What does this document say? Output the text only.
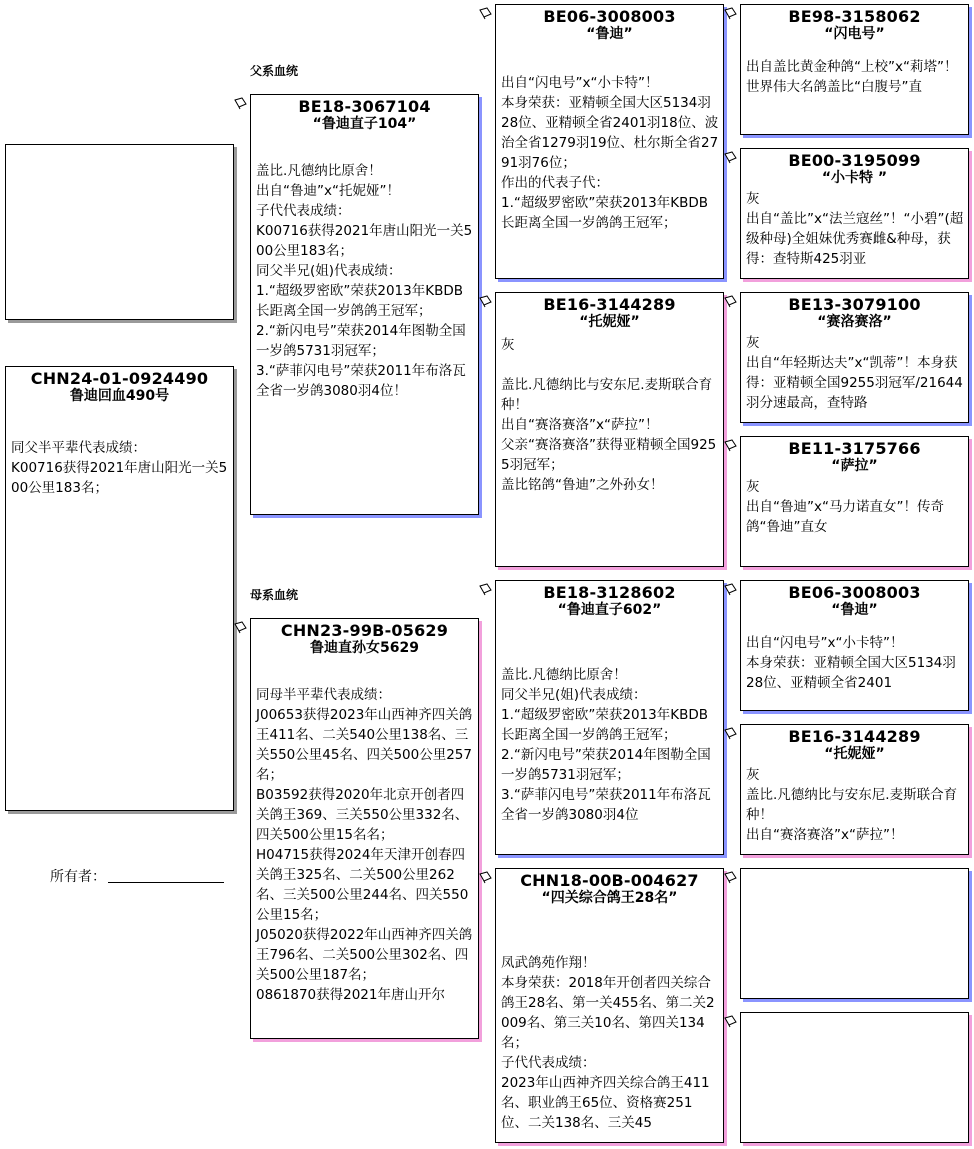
父系血统
母系血统
CHN24-01-0924490
鲁迪回血490号
同父半平辈代表成绩：
K00716获得2021年唐山阳光一关500公里183名；
所有者：
BE18-3067104
“鲁迪直子104”
盖比.凡德纳比原舍！
出自“鲁迪”x“托妮娅”！
子代代表成绩：
K00716获得2021年唐山阳光一关500公里183名；
同父半兄(姐)代表成绩：
1.“超级罗密欧”荣获2013年KBDB长距离全国一岁鸽鸽王冠军；
2.“新闪电号”荣获2014年图勒全国一岁鸽5731羽冠军；
3.“萨菲闪电号”荣获2011年布洛瓦全省一岁鸽3080羽4位！
CHN23-99B-05629
鲁迪直孙女5629
同母半平辈代表成绩：
J00653获得2023年山西神齐四关鸽王411名、二关540公里138名、三关550公里45名、四关500公里257名；
B03592获得2020年北京开创者四关鸽王369、三关550公里332名、四关500公里15名名；
H04715获得2024年天津开创春四关鸽王325名、二关500公里262名、三关500公里244名、四关550公里15名；
J05020获得2022年山西神齐四关鸽王796名、二关500公里302名、四关500公里187名；
0861870获得2021年唐山开尔
BE06-3008003
“鲁迪”
出自“闪电号”x“小卡特”！
本身荣获：亚精顿全国大区5134羽28位、亚精顿全省2401羽18位、波治全省1279羽19位、杜尔斯全省2791羽76位；
作出的代表子代：
1.“超级罗密欧”荣获2013年KBDB长距离全国一岁鸽鸽王冠军；
BE16-3144289
“托妮娅”
灰

盖比.凡德纳比与安东尼.麦斯联合育种！
出自“赛洛赛洛”x“萨拉”！
父亲“赛洛赛洛”获得亚精顿全国9255羽冠军；
盖比铭鸽“鲁迪”之外孙女！
BE18-3128602
“鲁迪直子602”
盖比.凡德纳比原舍！
同父半兄(姐)代表成绩：
1.“超级罗密欧”荣获2013年KBDB长距离全国一岁鸽鸽王冠军；
2.“新闪电号”荣获2014年图勒全国一岁鸽5731羽冠军；
3.“萨菲闪电号”荣获2011年布洛瓦全省一岁鸽3080羽4位
CHN18-00B-004627
“四关综合鸽王28名”
凤武鸽苑作翔！
本身荣获：2018年开创者四关综合鸽王28名、第一关455名、第二关2009名、第三关10名、第四关134名；
子代代表成绩：
2023年山西神齐四关综合鸽王411名、职业鸽王65位、资格赛251位、二关138名、三关45
BE98-3158062
“闪电号”
出自盖比黄金种鸽“上校”x“莉塔”！
世界伟大名鸽盖比“白腹号”直
BE00-3195099
“小卡特 ”
灰
出自“盖比”x“法兰寇丝”！“小碧”(超级种母)全姐妹优秀赛雌&种母，获得：查特斯425羽亚
BE13-3079100
“赛洛赛洛”
灰
出自“年轻斯达夫”x“凯蒂”！本身获得：亚精顿全国9255羽冠军/21644羽分速最高，查特路
BE11-3175766
“萨拉”
灰
出自“鲁迪”x“马力诺直女”！传奇鸽“鲁迪”直女
BE06-3008003
“鲁迪”
出自“闪电号”x“小卡特”！
本身荣获：亚精顿全国大区5134羽28位、亚精顿全省2401
BE16-3144289
“托妮娅”
灰
盖比.凡德纳比与安东尼.麦斯联合育种！
出自“赛洛赛洛”x“萨拉”！
